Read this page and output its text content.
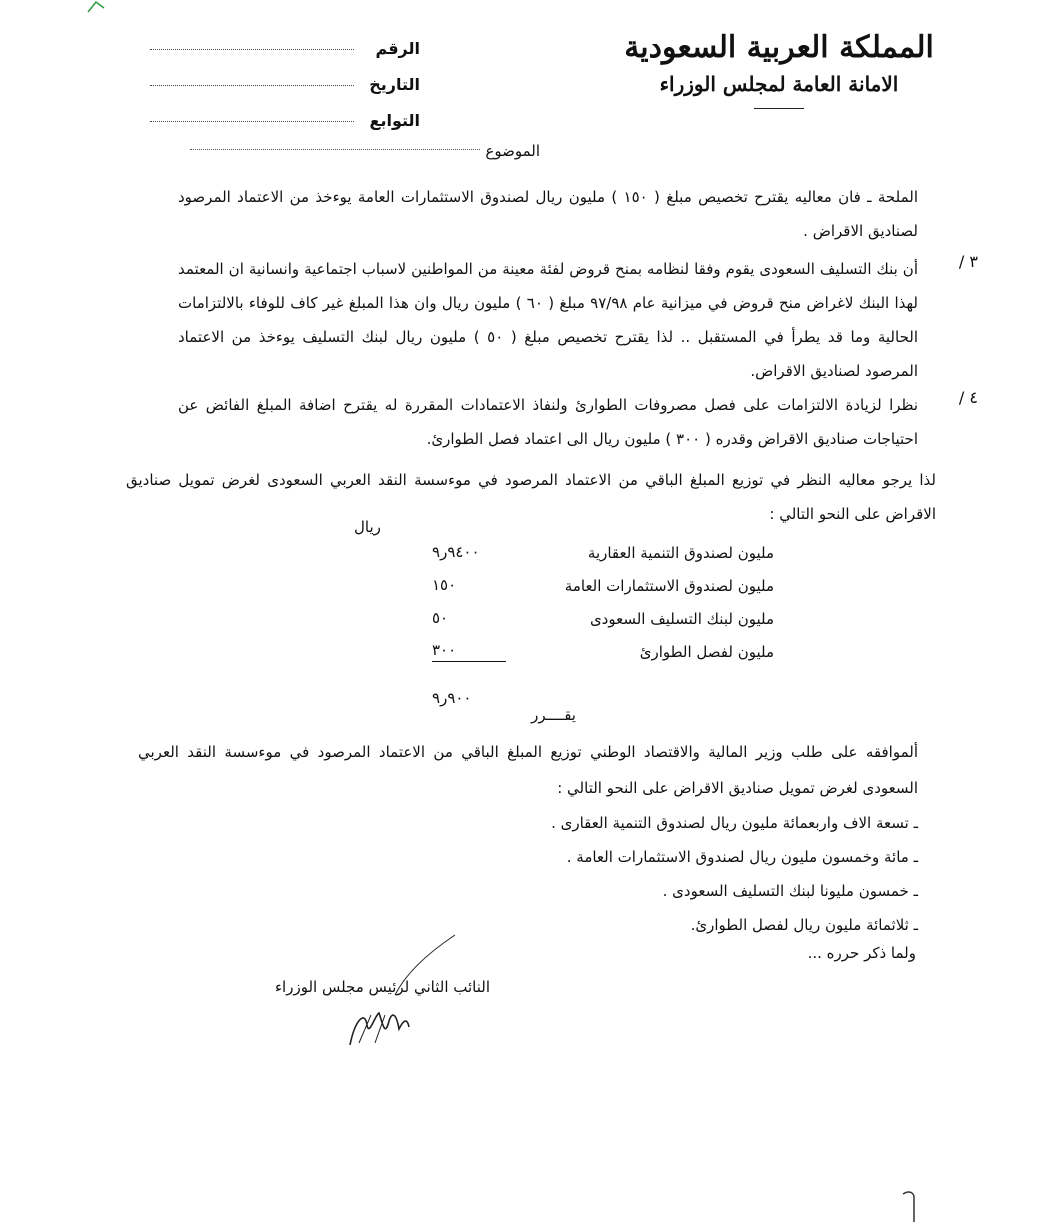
المملكة العربية السعودية
الامانة العامة لمجلس الوزراء
الرقم
التاريخ
التوابع
الموضوع
الملحة ـ فان معاليه يقترح تخصيص مبلغ ( ١٥٠ ) مليون ريال لصندوق الاستثمارات العامة يوءخذ من الاعتماد المرصود لصناديق الاقراض .
٣ /
أن بنك التسليف السعودى يقوم وفقا لنظامه بمنح قروض لفئة معينة من المواطنين لاسباب اجتماعية وانسانية ان المعتمد لهذا البنك لاغراض منح قروض في ميزانية عام ٩٧/٩٨ مبلغ ( ٦٠ ) مليون ريال وان هذا المبلغ غير كاف للوفاء بالالتزامات الحالية وما قد يطرأ في المستقبل .. لذا يقترح تخصيص مبلغ ( ٥٠ ) مليون ريال لبنك التسليف يوءخذ من الاعتماد المرصود لصناديق الاقراض.
٤ /
نظرا لزيادة الالتزامات على فصل مصروفات الطوارئ ولنفاذ الاعتمادات المقررة له يقترح اضافة المبلغ الفائض عن احتياجات صناديق الاقراض وقدره ( ٣٠٠ ) مليون ريال الى اعتماد فصل الطوارئ.
لذا يرجو معاليه النظر في توزيع المبلغ الباقي من الاعتماد المرصود في موءسسة النقد العربي السعودى لغرض تمويل صناديق الاقراض على النحو التالي :
ريال
مليون لصندوق التنمية العقارية
٩٤٠٠ر٩
مليون لصندوق الاستثمارات العامة
١٥٠
مليون لبنك التسليف السعودى
٥٠
مليون لفصل الطوارئ
٣٠٠
٩٠٠ر٩
يقــــرر
ألموافقه على طلب وزير المالية والاقتصاد الوطني توزيع المبلغ الباقي من الاعتماد المرصود في موءسسة النقد العربي السعودى لغرض تمويل صناديق الاقراض على النحو التالي :
ـ تسعة الاف واربعمائة مليون ريال لصندوق التنمية العقارى .
ـ مائة وخمسون مليون ريال لصندوق الاستثمارات العامة .
ـ خمسون مليونا لبنك التسليف السعودى .
ـ ثلاثمائة مليون ريال لفصل الطوارئ.
ولما ذكر حرره ...
النائب الثاني لرئيس مجلس الوزراء
